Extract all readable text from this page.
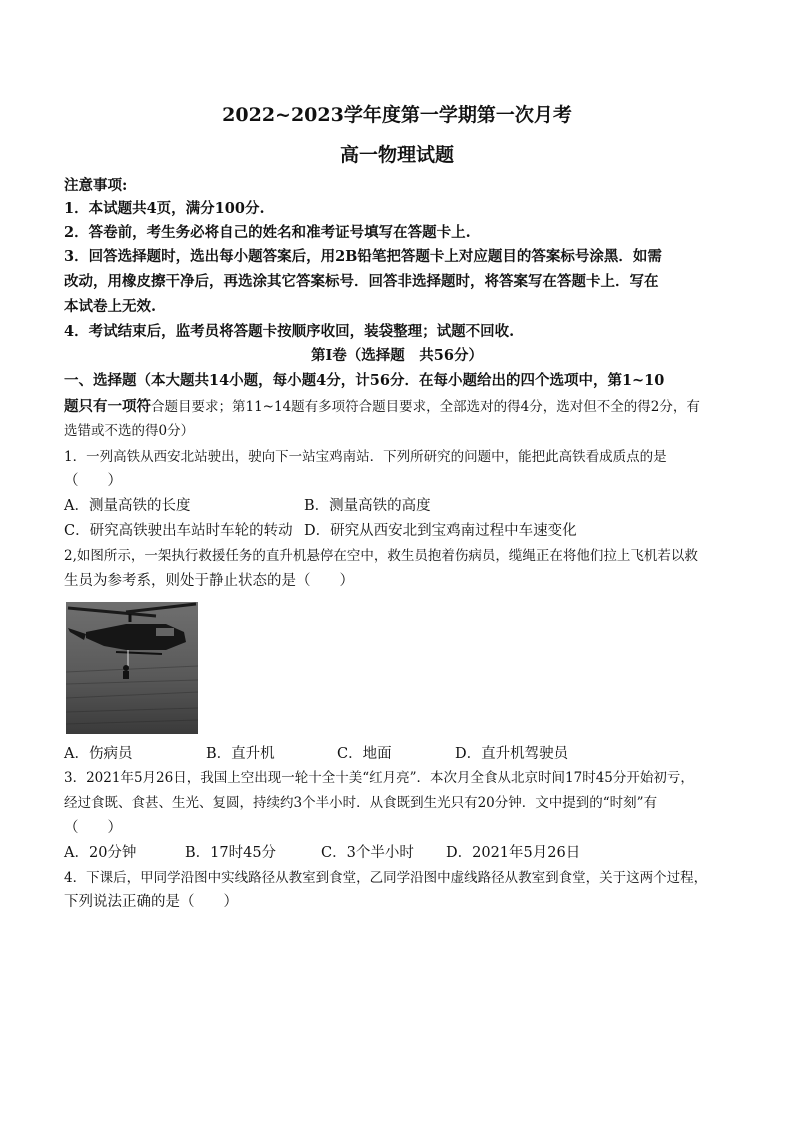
2022~2023学年度第一学期第一次月考
高一物理试题
注意事项:
1．本试题共4页，满分100分.
2．答卷前，考生务必将自己的姓名和准考证号填写在答题卡上.
3．回答选择题时，选出每小题答案后，用2B铅笔把答题卡上对应题目的答案标号涂黑．如需
改动，用橡皮擦干净后，再选涂其它答案标号．回答非选择题时，将答案写在答题卡上．写在
本试卷上无效.
4．考试结束后，监考员将答题卡按顺序收回，装袋整理；试题不回收.
第Ⅰ卷（选择题　共56分）
一、选择题（本大题共14小题，每小题4分，计56分．在每小题给出的四个选项中，第1~10
题只有一项符合题目要求；第11~14题有多项符合题目要求，全部选对的得4分，选对但不全的得2分，有
选错或不选的得0分）
1．一列高铁从西安北站驶出，驶向下一站宝鸡南站．下列所研究的问题中，能把此高铁看成质点的是
（　　）
A．测量高铁的长度	B．测量高铁的高度
C．研究高铁驶出车站时车轮的转动 D．研究从西安北到宝鸡南过程中车速变化
2,如图所示，一架执行救援任务的直升机悬停在空中，救生员抱着伤病员，缆绳正在将他们拉上飞机若以救
生员为参考系，则处于静止状态的是（　　）
A．伤病员	B．直升机	C．地面	D．直升机驾驶员
3．2021年5月26日，我国上空出现一轮十全十美“红月亮”．本次月全食从北京时间17时45分开始初亏，
经过食既、食甚、生光、复圆，持续约3个半小时．从食既到生光只有20分钟．文中提到的“时刻”有
（　　）
A．20分钟	B．17时45分	C．3个半小时 D．2021年5月26日
4．下课后，甲同学沿图中实线路径从教室到食堂，乙同学沿图中虚线路径从教室到食堂，关于这两个过程，
下列说法正确的是（　　）
